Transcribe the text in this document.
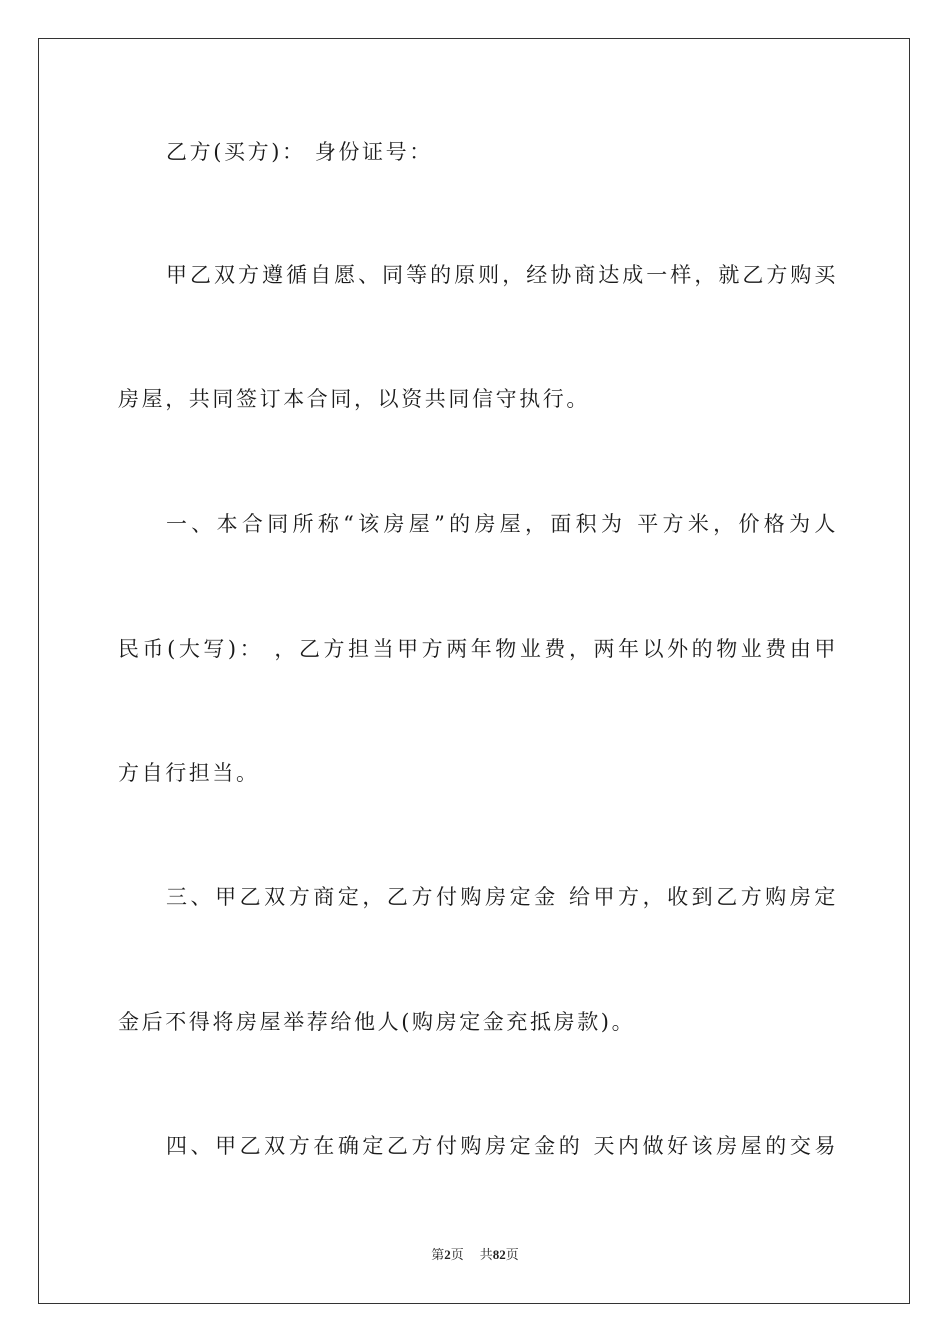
乙方(买方)： 身份证号：
甲乙双方遵循自愿、同等的原则，经协商达成一样，就乙方购买
房屋，共同签订本合同，以资共同信守执行。
一、本合同所称“该房屋”的房屋，面积为 平方米，价格为人
民币(大写)： ，乙方担当甲方两年物业费，两年以外的物业费由甲
方自行担当。
三、甲乙双方商定，乙方付购房定金 给甲方，收到乙方购房定
金后不得将房屋举荐给他人(购房定金充抵房款)。
四、甲乙双方在确定乙方付购房定金的 天内做好该房屋的交易
第2页 共82页
